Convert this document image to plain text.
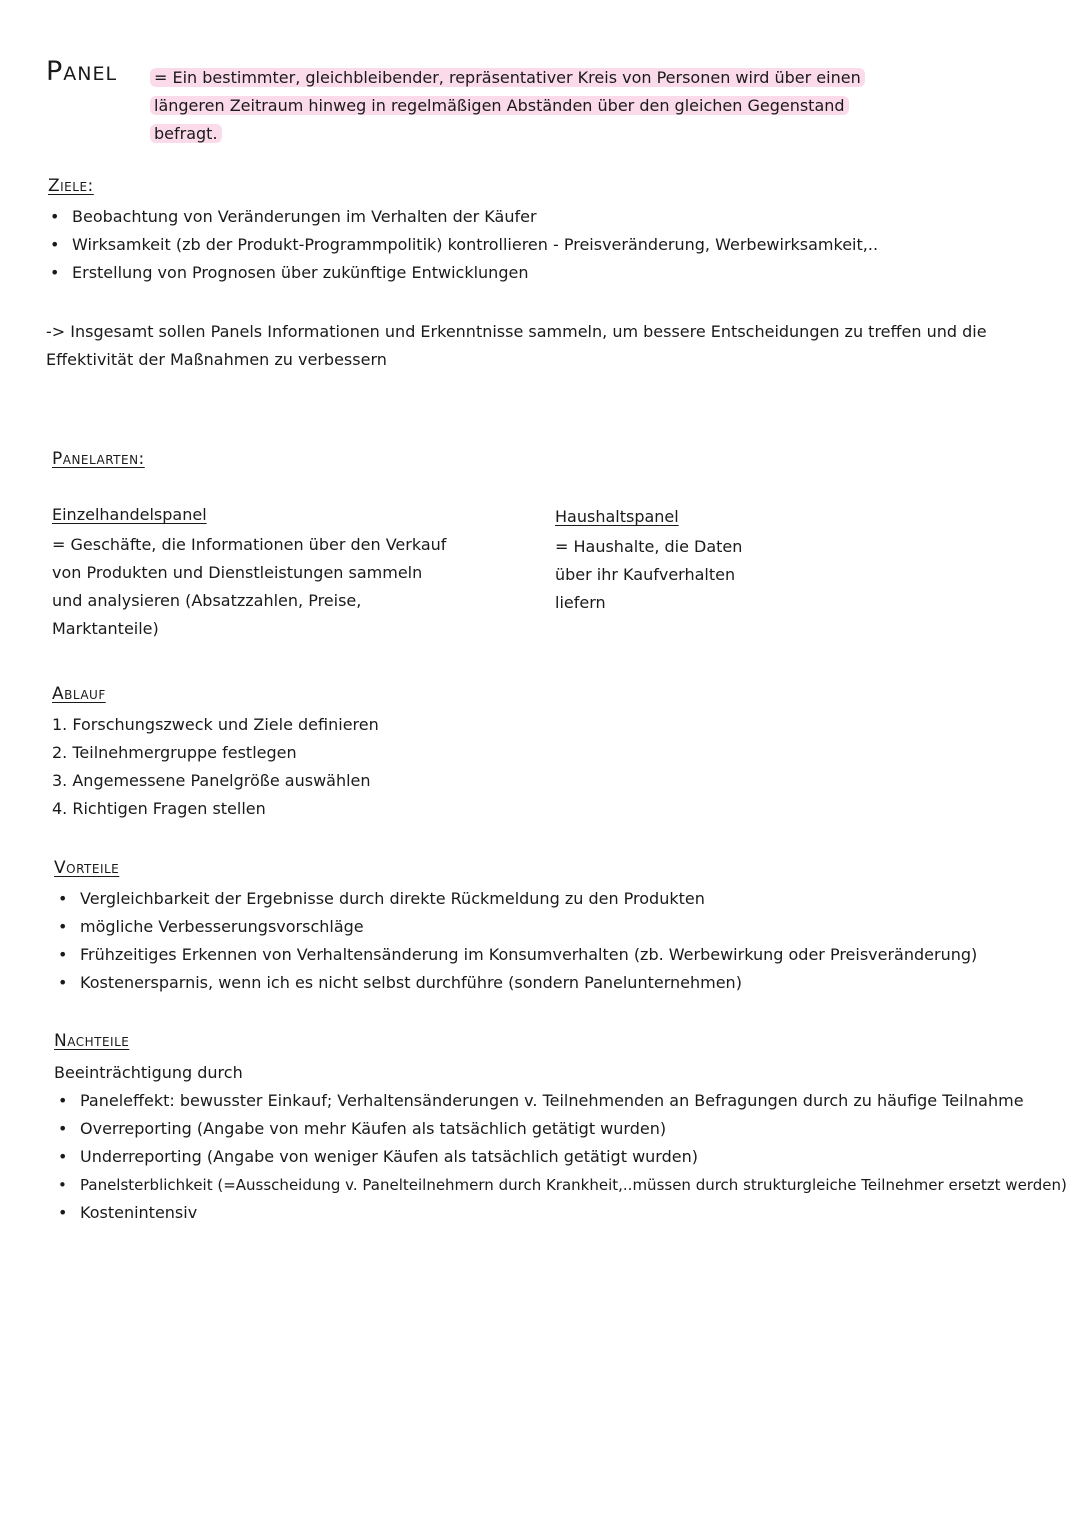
Panel = Ein bestimmter, gleichbleibender, repräsentativer Kreis von Personen wird über einen längeren Zeitraum hinweg in regelmäßigen Abständen über den gleichen Gegenstand befragt.
Ziele:
• Beobachtung von Veränderungen im Verhalten der Käufer
• Wirksamkeit (zb der Produkt-Programmpolitik) kontrollieren - Preisveränderung, Werbewirksamkeit,..
• Erstellung von Prognosen über zukünftige Entwicklungen
-> Insgesamt sollen Panels Informationen und Erkenntnisse sammeln, um bessere Entscheidungen zu treffen und die Effektivität der Maßnahmen zu verbessern
Panelarten:
Einzelhandelspanel
= Geschäfte, die Informationen über den Verkauf von Produkten und Dienstleistungen sammeln und analysieren (Absatzzahlen, Preise, Marktanteile)
Haushaltspanel
= Haushalte, die Daten über ihr Kaufverhalten liefern
Ablauf
1. Forschungszweck und Ziele definieren
2. Teilnehmergruppe festlegen
3. Angemessene Panelgröße auswählen
4. Richtigen Fragen stellen
Vorteile
• Vergleichbarkeit der Ergebnisse durch direkte Rückmeldung zu den Produkten
• mögliche Verbesserungsvorschläge
• Frühzeitiges Erkennen von Verhaltensänderung im Konsumverhalten (zb. Werbewirkung oder Preisveränderung)
• Kostenersparnis, wenn ich es nicht selbst durchführe (sondern Panelunternehmen)
Nachteile
Beeinträchtigung durch
• Paneleffekt: bewusster Einkauf; Verhaltensänderungen v. Teilnehmenden an Befragungen durch zu häufige Teilnahme
• Overreporting (Angabe von mehr Käufen als tatsächlich getätigt wurden)
• Underreporting (Angabe von weniger Käufen als tatsächlich getätigt wurden)
• Panelsterblichkeit (=Ausscheidung v. Panelteilnehmern durch Krankheit,..müssen durch strukturgleiche Teilnehmer ersetzt werden)
• Kostenintensiv
